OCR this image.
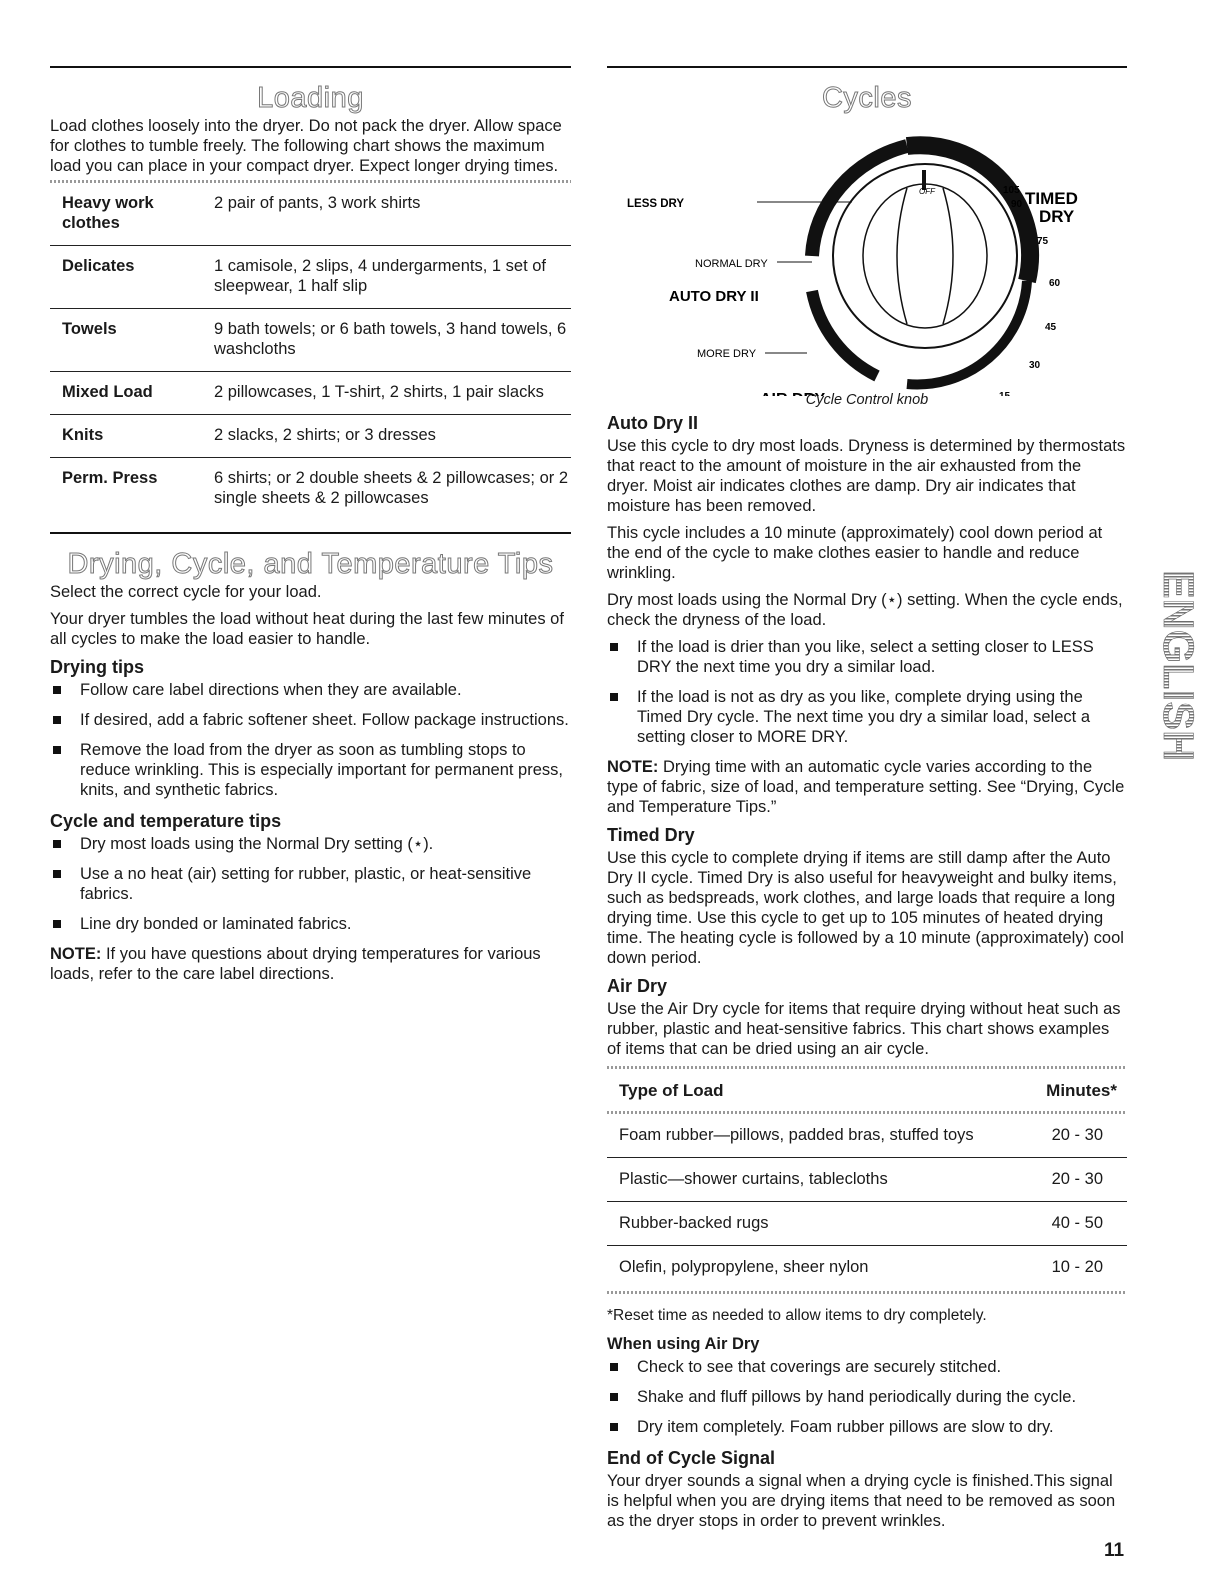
Loading

Load clothes loosely into the dryer. Do not pack the dryer. Allow space for clothes to tumble freely. The following chart shows the maximum load you can place in your compact dryer. Expect longer drying times.

Heavy work clothes	2 pair of pants, 3 work shirts
Delicates	1 camisole, 2 slips, 4 undergarments, 1 set of sleepwear, 1 half slip
Towels	9 bath towels; or 6 bath towels, 3 hand towels, 6 washcloths
Mixed Load	2 pillowcases, 1 T-shirt, 2 shirts, 1 pair slacks
Knits	2 slacks, 2 shirts; or 3 dresses
Perm. Press	6 shirts; or 2 double sheets & 2 pillowcases; or 2 single sheets & 2 pillowcases
Drying, Cycle, and Temperature Tips

Select the correct cycle for your load.

Your dryer tumbles the load without heat during the last few minutes of all cycles to make the load easier to handle.

Drying tips
Follow care label directions when they are available.
If desired, add a fabric softener sheet. Follow package instructions.
Remove the load from the dryer as soon as tumbling stops to reduce wrinkling. This is especially important for permanent press, knits, and synthetic fabrics.
Cycle and temperature tips
Dry most loads using the Normal Dry setting (⋆).
Use a no heat (air) setting for rubber, plastic, or heat-sensitive fabrics.
Line dry bonded or laminated fabrics.

NOTE: If you have questions about drying temperatures for various loads, refer to the care label directions.

Cycles
LESS DRY
NORMAL DRY
AUTO DRY II
MORE DRY
TIMED
DRY
OFF	105
90
75
60
45
30
Cycle Control knob
Auto Dry II

Use this cycle to dry most loads. Dryness is determined by thermostats that react to the amount of moisture in the air exhausted from the dryer. Moist air indicates clothes are damp. Dry air indicates that moisture has been removed.

This cycle includes a 10 minute (approximately) cool down period at the end of the cycle to make clothes easier to handle and reduce wrinkling.

Dry most loads using the Normal Dry (⋆) setting. When the cycle ends, check the dryness of the load.

If the load is drier than you like, select a setting closer to LESS DRY the next time you dry a similar load.
If the load is not as dry as you like, complete drying using the Timed Dry cycle. The next time you dry a similar load, select a setting closer to MORE DRY.

NOTE: Drying time with an automatic cycle varies according to the type of fabric, size of load, and temperature setting. See “Drying, Cycle and Temperature Tips.”

Timed Dry

Use this cycle to complete drying if items are still damp after the Auto Dry II cycle. Timed Dry is also useful for heavyweight and bulky items, such as bedspreads, work clothes, and large loads that require a long drying time. Use this cycle to get up to 105 minutes of heated drying time. The heating cycle is followed by a 10 minute (approximately) cool down period.

Air Dry

Use the Air Dry cycle for items that require drying without heat such as rubber, plastic and heat-sensitive fabrics. This chart shows examples of items that can be dried using an air cycle.

Type of Load	Minutes*

Foam rubber—pillows, padded bras, stuffed toys	20 - 30
Plastic—shower curtains, tablecloths	20 - 30
Rubber-backed rugs	40 - 50
Olefin, polypropylene, sheer nylon	10 - 20

*Reset time as needed to allow items to dry completely.

When using Air Dry
Check to see that coverings are securely stitched.
Shake and fluff pillows by hand periodically during the cycle.
Dry item completely. Foam rubber pillows are slow to dry.
End of Cycle Signal

Your dryer sounds a signal when a drying cycle is finished.This signal is helpful when you are drying items that need to be removed as soon as the dryer stops in order to prevent wrinkles.

ENGLISH
11
